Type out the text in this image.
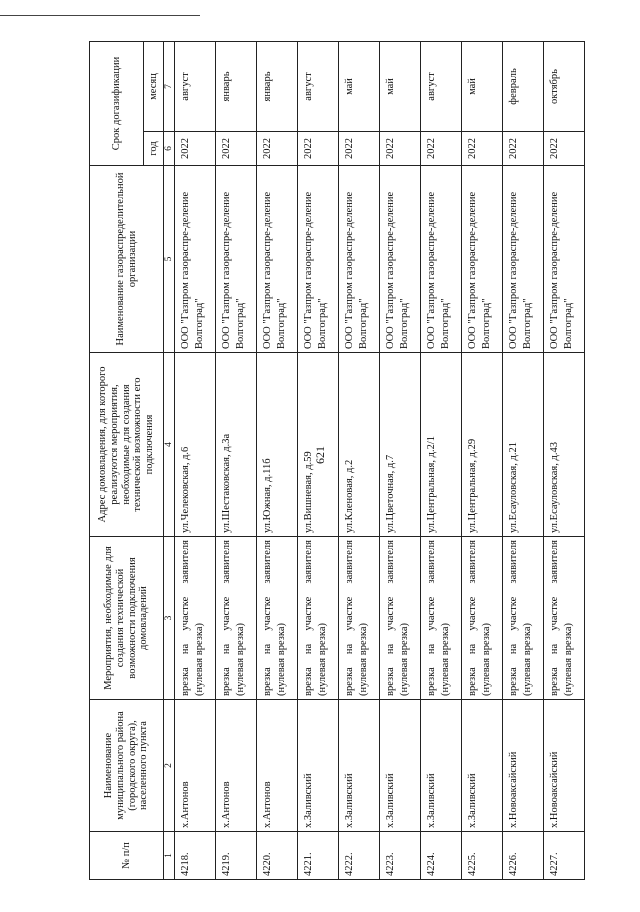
621
№ п/п	Наименование муниципального района (городского округа), населенного пункта	Мероприятия, необходимые для создания технической возможности подключения домовладений	Адрес домовладения, для которого реализуются мероприятия, необходимые для создания технической возможности его подключения	Наименование газораспределительной организации	Срок догазификации	
					год	месяц
1	2	3	4	5	6	7
4218.	х.Антонов	врезка на участке заявителя (нулевая врезка)	ул.Челековская, д.6	ООО "Газпром газораспре-деление Волгоград"	2022	август
4219.	х.Антонов	врезка на участке заявителя (нулевая врезка)	ул.Шестаковская, д.3а	ООО "Газпром газораспре-деление Волгоград"	2022	январь
4220.	х.Антонов	врезка на участке заявителя (нулевая врезка)	ул.Южная, д.11б	ООО "Газпром газораспре-деление Волгоград"	2022	январь
4221.	х.Заливский	врезка на участке заявителя (нулевая врезка)	ул.Вишневая, д.59	ООО "Газпром газораспре-деление Волгоград"	2022	август
4222.	х.Заливский	врезка на участке заявителя (нулевая врезка)	ул.Кленовая, д.2	ООО "Газпром газораспре-деление Волгоград"	2022	май
4223.	х.Заливский	врезка на участке заявителя (нулевая врезка)	ул.Цветочная, д.7	ООО "Газпром газораспре-деление Волгоград"	2022	май
4224.	х.Заливский	врезка на участке заявителя (нулевая врезка)	ул.Центральная, д.2/1	ООО "Газпром газораспре-деление Волгоград"	2022	август
4225.	х.Заливский	врезка на участке заявителя (нулевая врезка)	ул.Центральная, д.29	ООО "Газпром газораспре-деление Волгоград"	2022	май
4226.	х.Новоаксайский	врезка на участке заявителя (нулевая врезка)	ул.Есауловская, д.21	ООО "Газпром газораспре-деление Волгоград"	2022	февраль
4227.	х.Новоаксайский	врезка на участке заявителя (нулевая врезка)	ул.Есауловская, д.43	ООО "Газпром газораспре-деление Волгоград"	2022	октябрь
